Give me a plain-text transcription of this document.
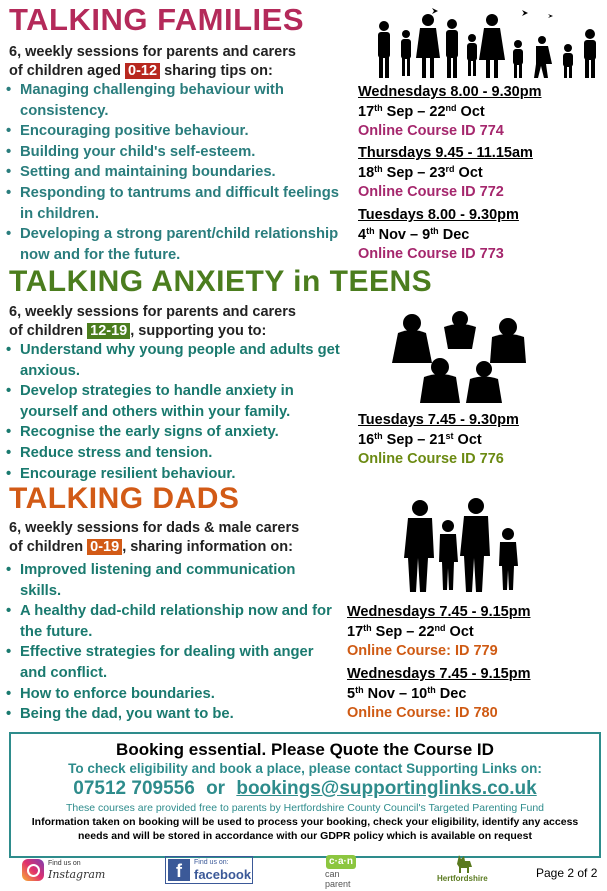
TALKING FAMILIES
6, weekly sessions for parents and carers
of children aged 0-12 sharing tips on:
• Managing challenging behaviour with consistency.
• Encouraging positive behaviour.
• Building your child's self-esteem.
• Setting and maintaining boundaries.
• Responding to tantrums and difficult feelings in children.
• Developing a strong parent/child relationship now and for the future.
Wednesdays 8.00 - 9.30pm
17th Sep – 22nd Oct
Online Course ID 774
Thursdays 9.45 - 11.15am
18th Sep – 23rd Oct
Online Course ID 772
Tuesdays 8.00 - 9.30pm
4th Nov – 9th Dec
Online Course ID 773
TALKING ANXIETY in TEENS
6, weekly sessions for parents and carers
of children 12-19 , supporting you to:
• Understand why young people and adults get anxious.
• Develop strategies to handle anxiety in yourself and others within your family.
• Recognise the early signs of anxiety.
• Reduce stress and tension.
• Encourage resilient behaviour.
Tuesdays 7.45 - 9.30pm
16th Sep – 21st Oct
Online Course ID 776
TALKING DADS
6, weekly sessions for dads & male carers
of children 0-19 , sharing information on:
• Improved listening and communication skills.
• A healthy dad-child relationship now and for the future.
• Effective strategies for dealing with anger and conflict.
• How to enforce boundaries.
• Being the dad, you want to be.
Wednesdays 7.45 - 9.15pm
17th Sep – 22nd Oct
Online Course: ID 779
Wednesdays 7.45 - 9.15pm
5th Nov – 10th Dec
Online Course: ID 780
Booking essential. Please Quote the Course ID
To check eligibility and book a place, please contact Supporting Links on:
07512 709556 or bookings@supportinglinks.co.uk
These courses are provided free to parents by Hertfordshire County Council's Targeted Parenting Fund
Information taken on booking will be used to process your booking, check your eligibility, identify any access needs and will be stored in accordance with our GDPR policy which is available on request
Find us on
Instagram	f	Find us on:
facebook
c·a·n
can parent
Hertfordshire	Page 2 of 2
